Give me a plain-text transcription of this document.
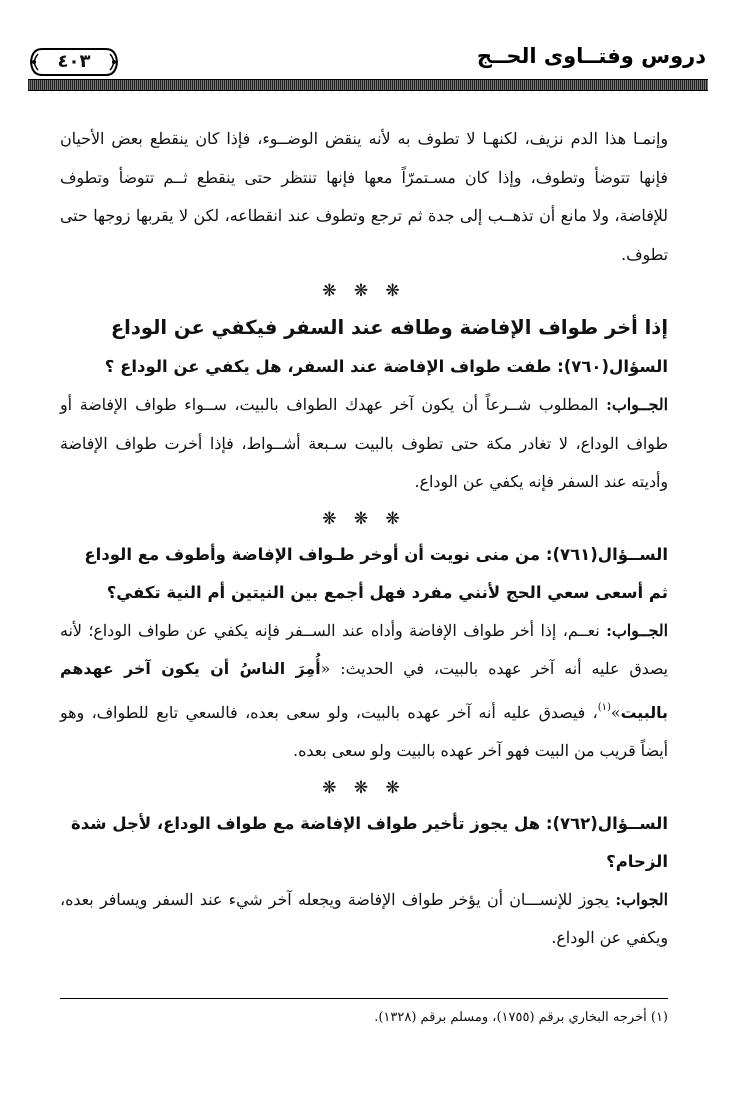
دروس وفتــاوى الحــج
٤٠٣

وإنمـا هذا الدم نزيف، لكنهـا لا تطوف به لأنه ينقض الوضــوء، فإذا كان ينقطع بعض الأحيان فإنها تتوضأ وتطوف، وإذا كان مسـتمرّاً معها فإنها تنتظر حتى ينقطع ثــم تتوضأ وتطوف للإفاضة، ولا مانع أن تذهــب إلى جدة ثم ترجع وتطوف عند انقطاعه، لكن لا يقربها زوجها حتى تطوف.

❋ ❋ ❋

إذا أخر طواف الإفاضة وطافه عند السفر فيكفي عن الوداع

السؤال(٧٦٠): طفت طواف الإفاضة عند السفر، هل يكفي عن الوداع ؟

الجــواب: المطلوب شــرعاً أن يكون آخر عهدك الطواف بالبيت، ســواء طواف الإفاضة أو طواف الوداع، لا تغادر مكة حتى تطوف بالبيت سـبعة أشــواط، فإذا أخرت طواف الإفاضة وأديته عند السفر فإنه يكفي عن الوداع.

❋ ❋ ❋

الســؤال(٧٦١): من منى نويت أن أوخر طـواف الإفاضة وأطوف مع الوداع ثم أسعى سعي الحج لأنني مفرد فهل أجمع بين النيتين أم النية تكفي؟

الجــواب: نعــم، إذا أخر طواف الإفاضة وأداه عند الســفر فإنه يكفي عن طواف الوداع؛ لأنه يصدق عليه أنه آخر عهده بالبيت، في الحديث: «أُمِرَ الناسُ أن يكون آخر عهدهم بالبيت»$^{(١)}$، فيصدق عليه أنه آخر عهده بالبيت، ولو سعى بعده، فالسعي تابع للطواف، وهو أيضاً قريب من البيت فهو آخر عهده بالبيت ولو سعى بعده.

❋ ❋ ❋

الســؤال(٧٦٢): هل يجوز تأخير طواف الإفاضة مع طواف الوداع، لأجل شدة الزحام؟

الجواب: يجوز للإنســـان أن يؤخر طواف الإفاضة ويجعله آخر شيء عند السفر ويسافر بعده، ويكفي عن الوداع.

(١) أخرجه البخاري برقم (١٧٥٥)، ومسلم برقم (١٣٢٨).
